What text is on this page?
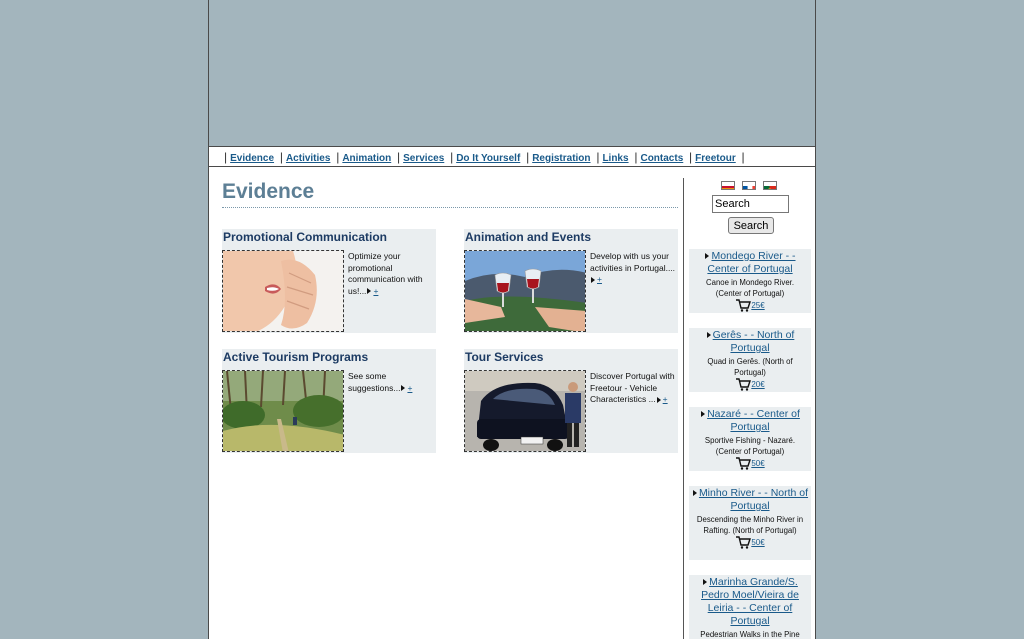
| Evidence | Activities | Animation | Services | Do It Yourself | Registration | Links | Contacts | Freetour |
Evidence
Promotional Communication
Optimize your promotional communication with us!... +
Animation and Events
Develop with us your activities in Portugal....
+
Active Tourism Programs
See some suggestions... +
Tour Services
Discover Portugal with Freetour - Vehicle Characteristics ... +
Search
Search
Mondego River - - Center of Portugal
Canoe in Mondego River. (Center of Portugal)
25€
Gerês - - North of Portugal
Quad in Gerês. (North of Portugal)
20€
Nazaré - - Center of Portugal
Sportive Fishing - Nazaré. (Center of Portugal)
50€
Minho River - - North of Portugal
Descending the Minho River in Rafting. (North of Portugal)
50€
Marinha Grande/S. Pedro Moel/Vieira de Leiria - - Center of Portugal
Pedestrian Walks in the Pine
